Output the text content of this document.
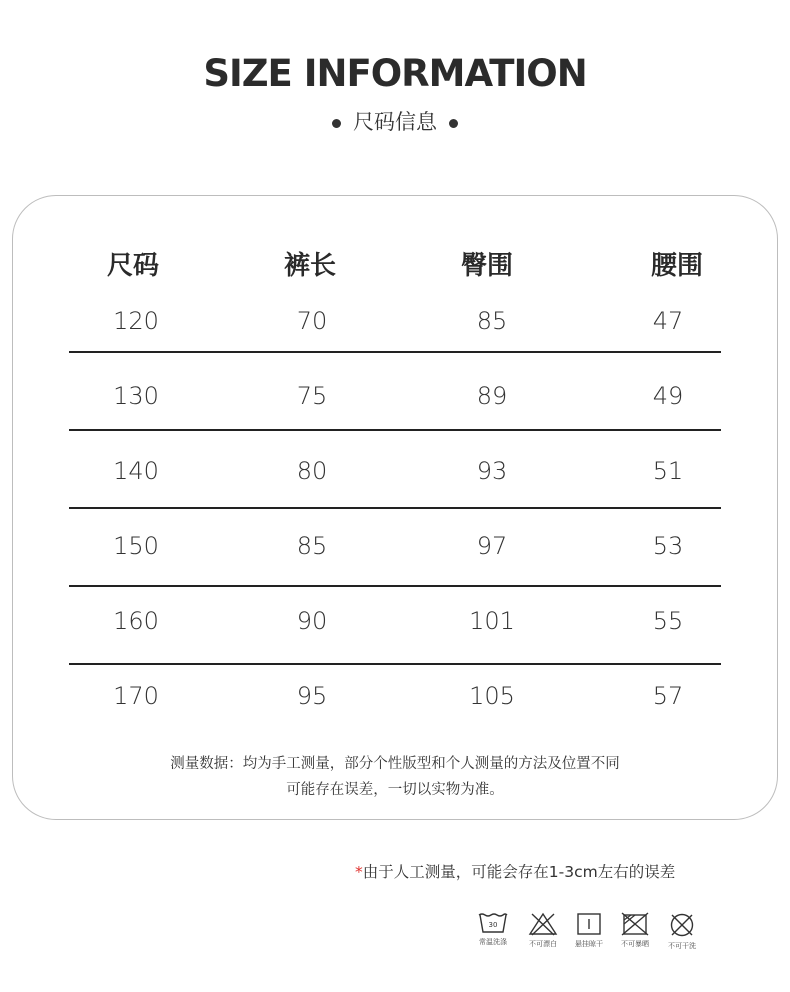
SIZE INFORMATION
尺码信息
尺码	裤长	臀围	腰围
120	70	85	47
130	75	89	49
140	80	93	51
150	85	97	53
160	90	101	55
170	95	105	57
测量数据：均为手工测量，部分个性版型和个人测量的方法及位置不同
可能存在误差，一切以实物为准。
*由于人工测量，可能会存在1-3cm左右的误差
30
常温洗涤	不可漂白	悬挂晾干	不可暴晒	不可干洗
